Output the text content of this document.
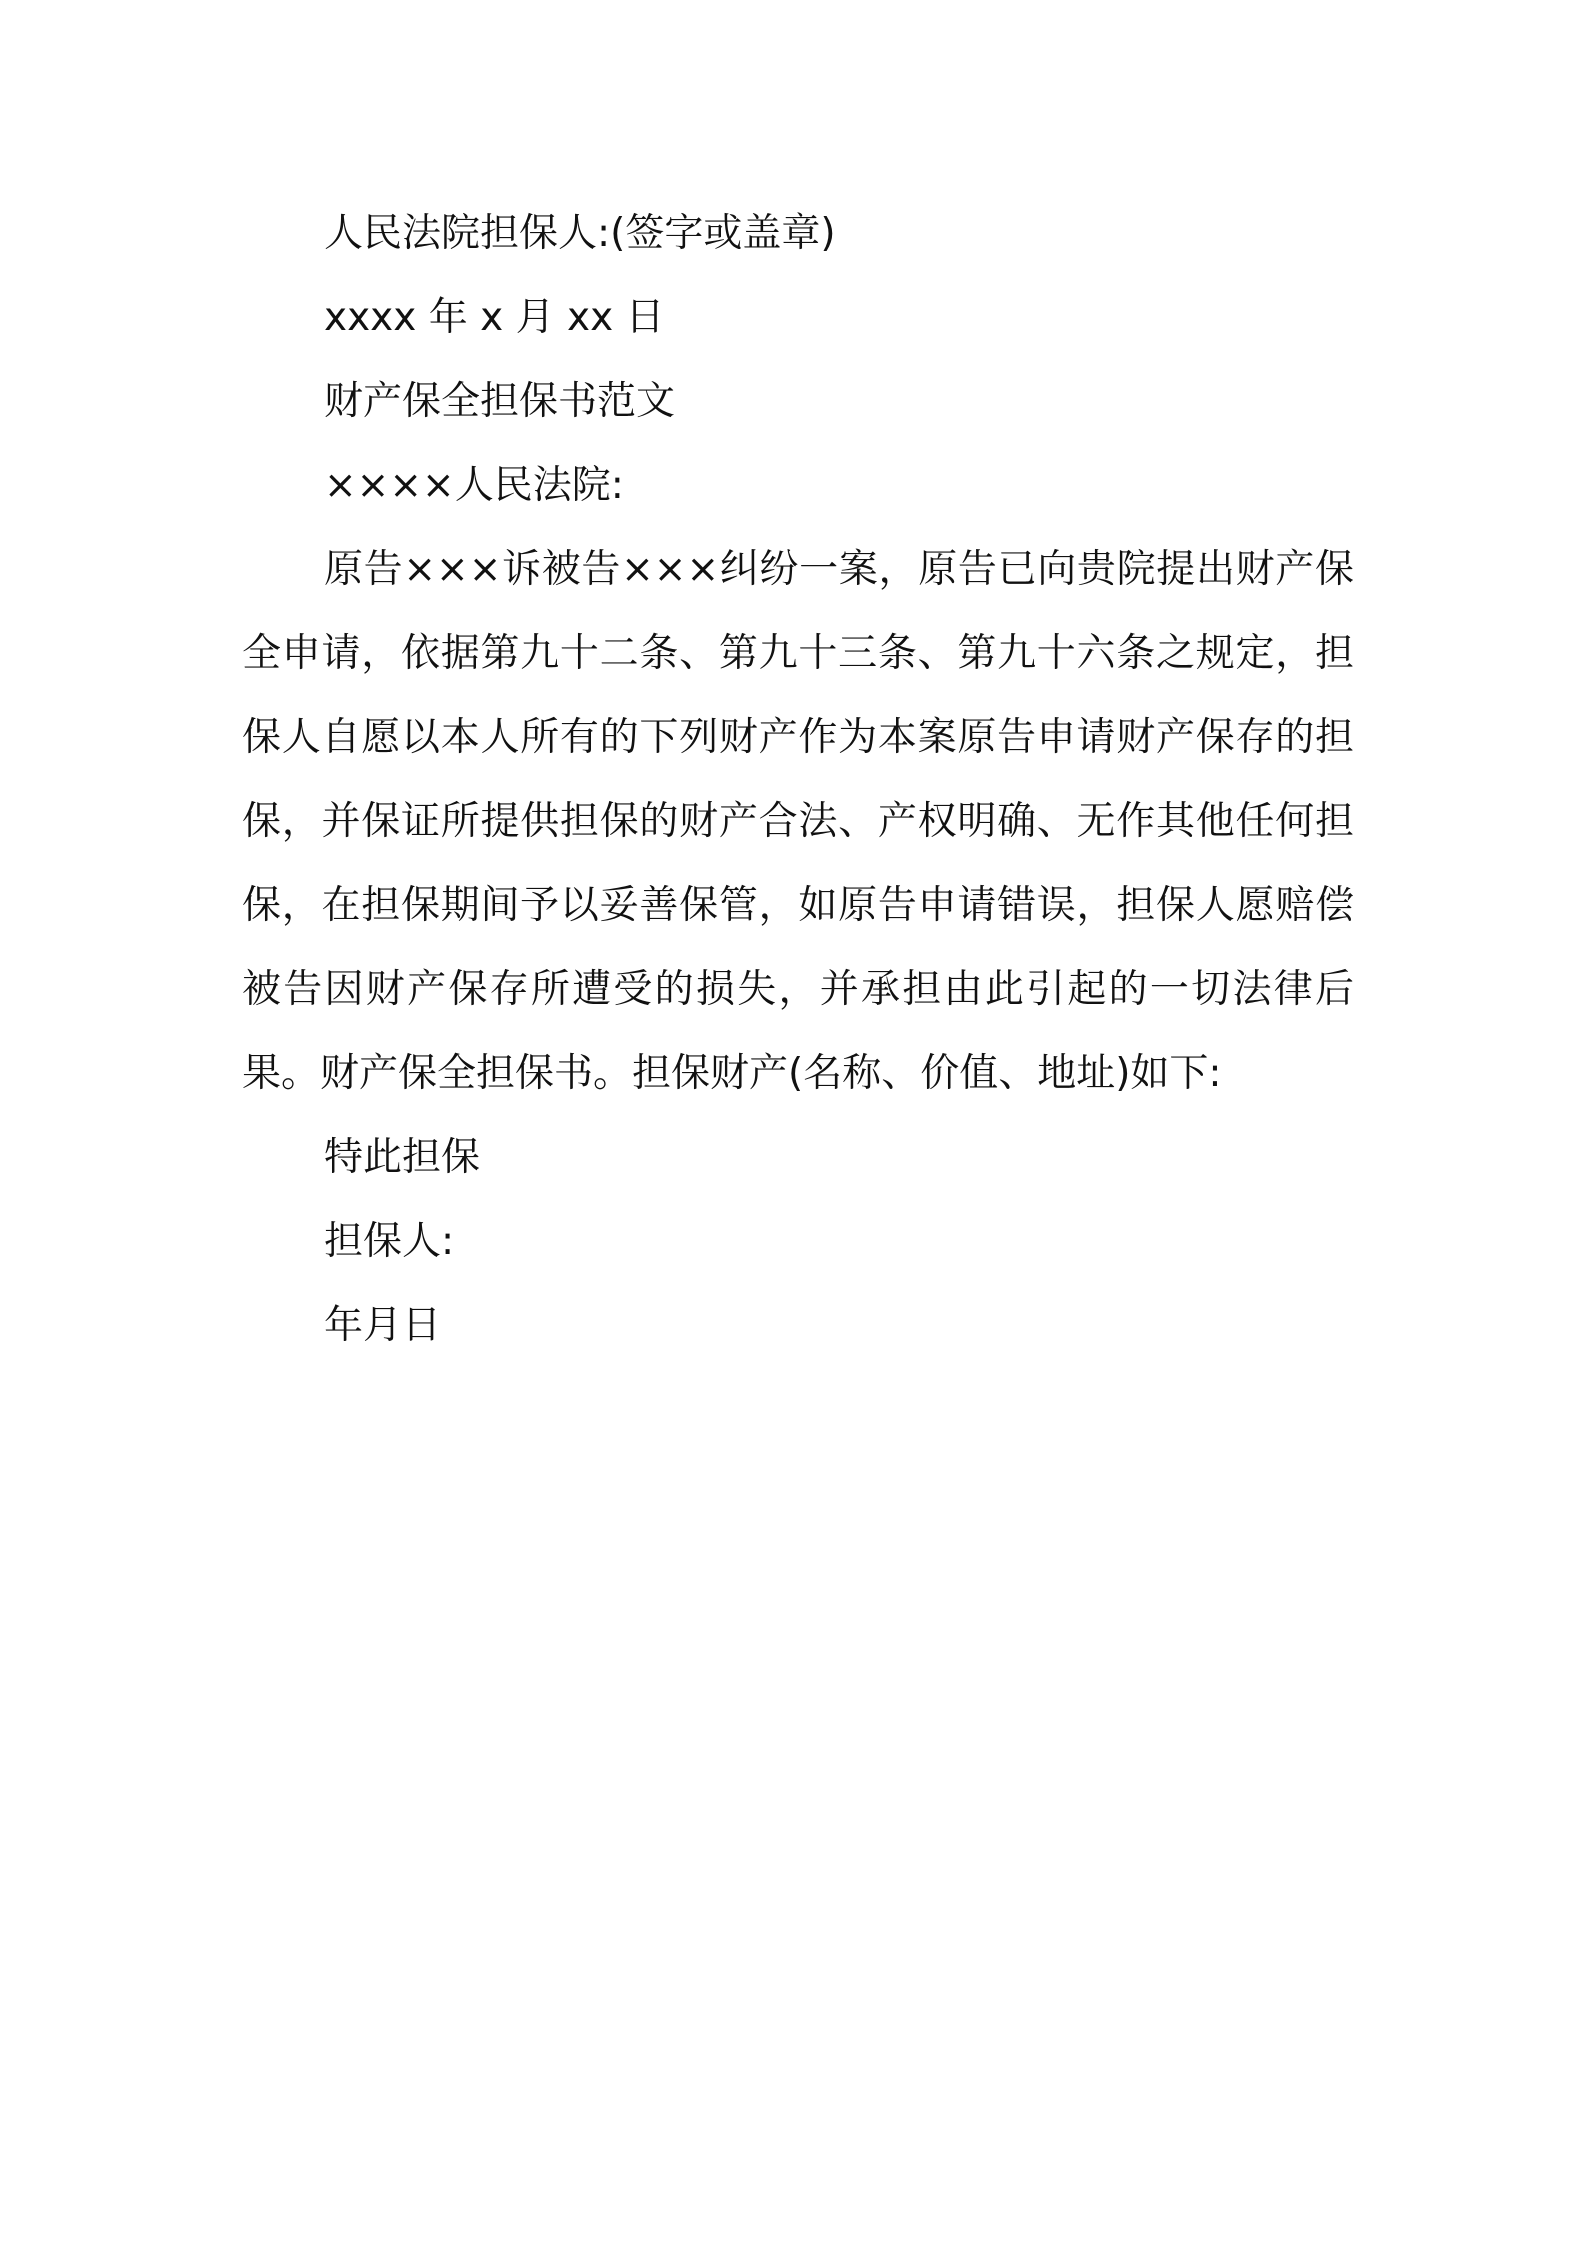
人民法院担保人:(签字或盖章)

xxxx 年 x 月 xx 日

财产保全担保书范文

××××人民法院:

原告×××诉被告×××纠纷一案，原告已向贵院提出财产保全申请，依据第九十二条、第九十三条、第九十六条之规定，担保人自愿以本人所有的下列财产作为本案原告申请财产保存的担保，并保证所提供担保的财产合法、产权明确、无作其他任何担保，在担保期间予以妥善保管，如原告申请错误，担保人愿赔偿被告因财产保存所遭受的损失，并承担由此引起的一切法律后果。财产保全担保书。担保财产(名称、价值、地址)如下:

特此担保

担保人:

年月日
